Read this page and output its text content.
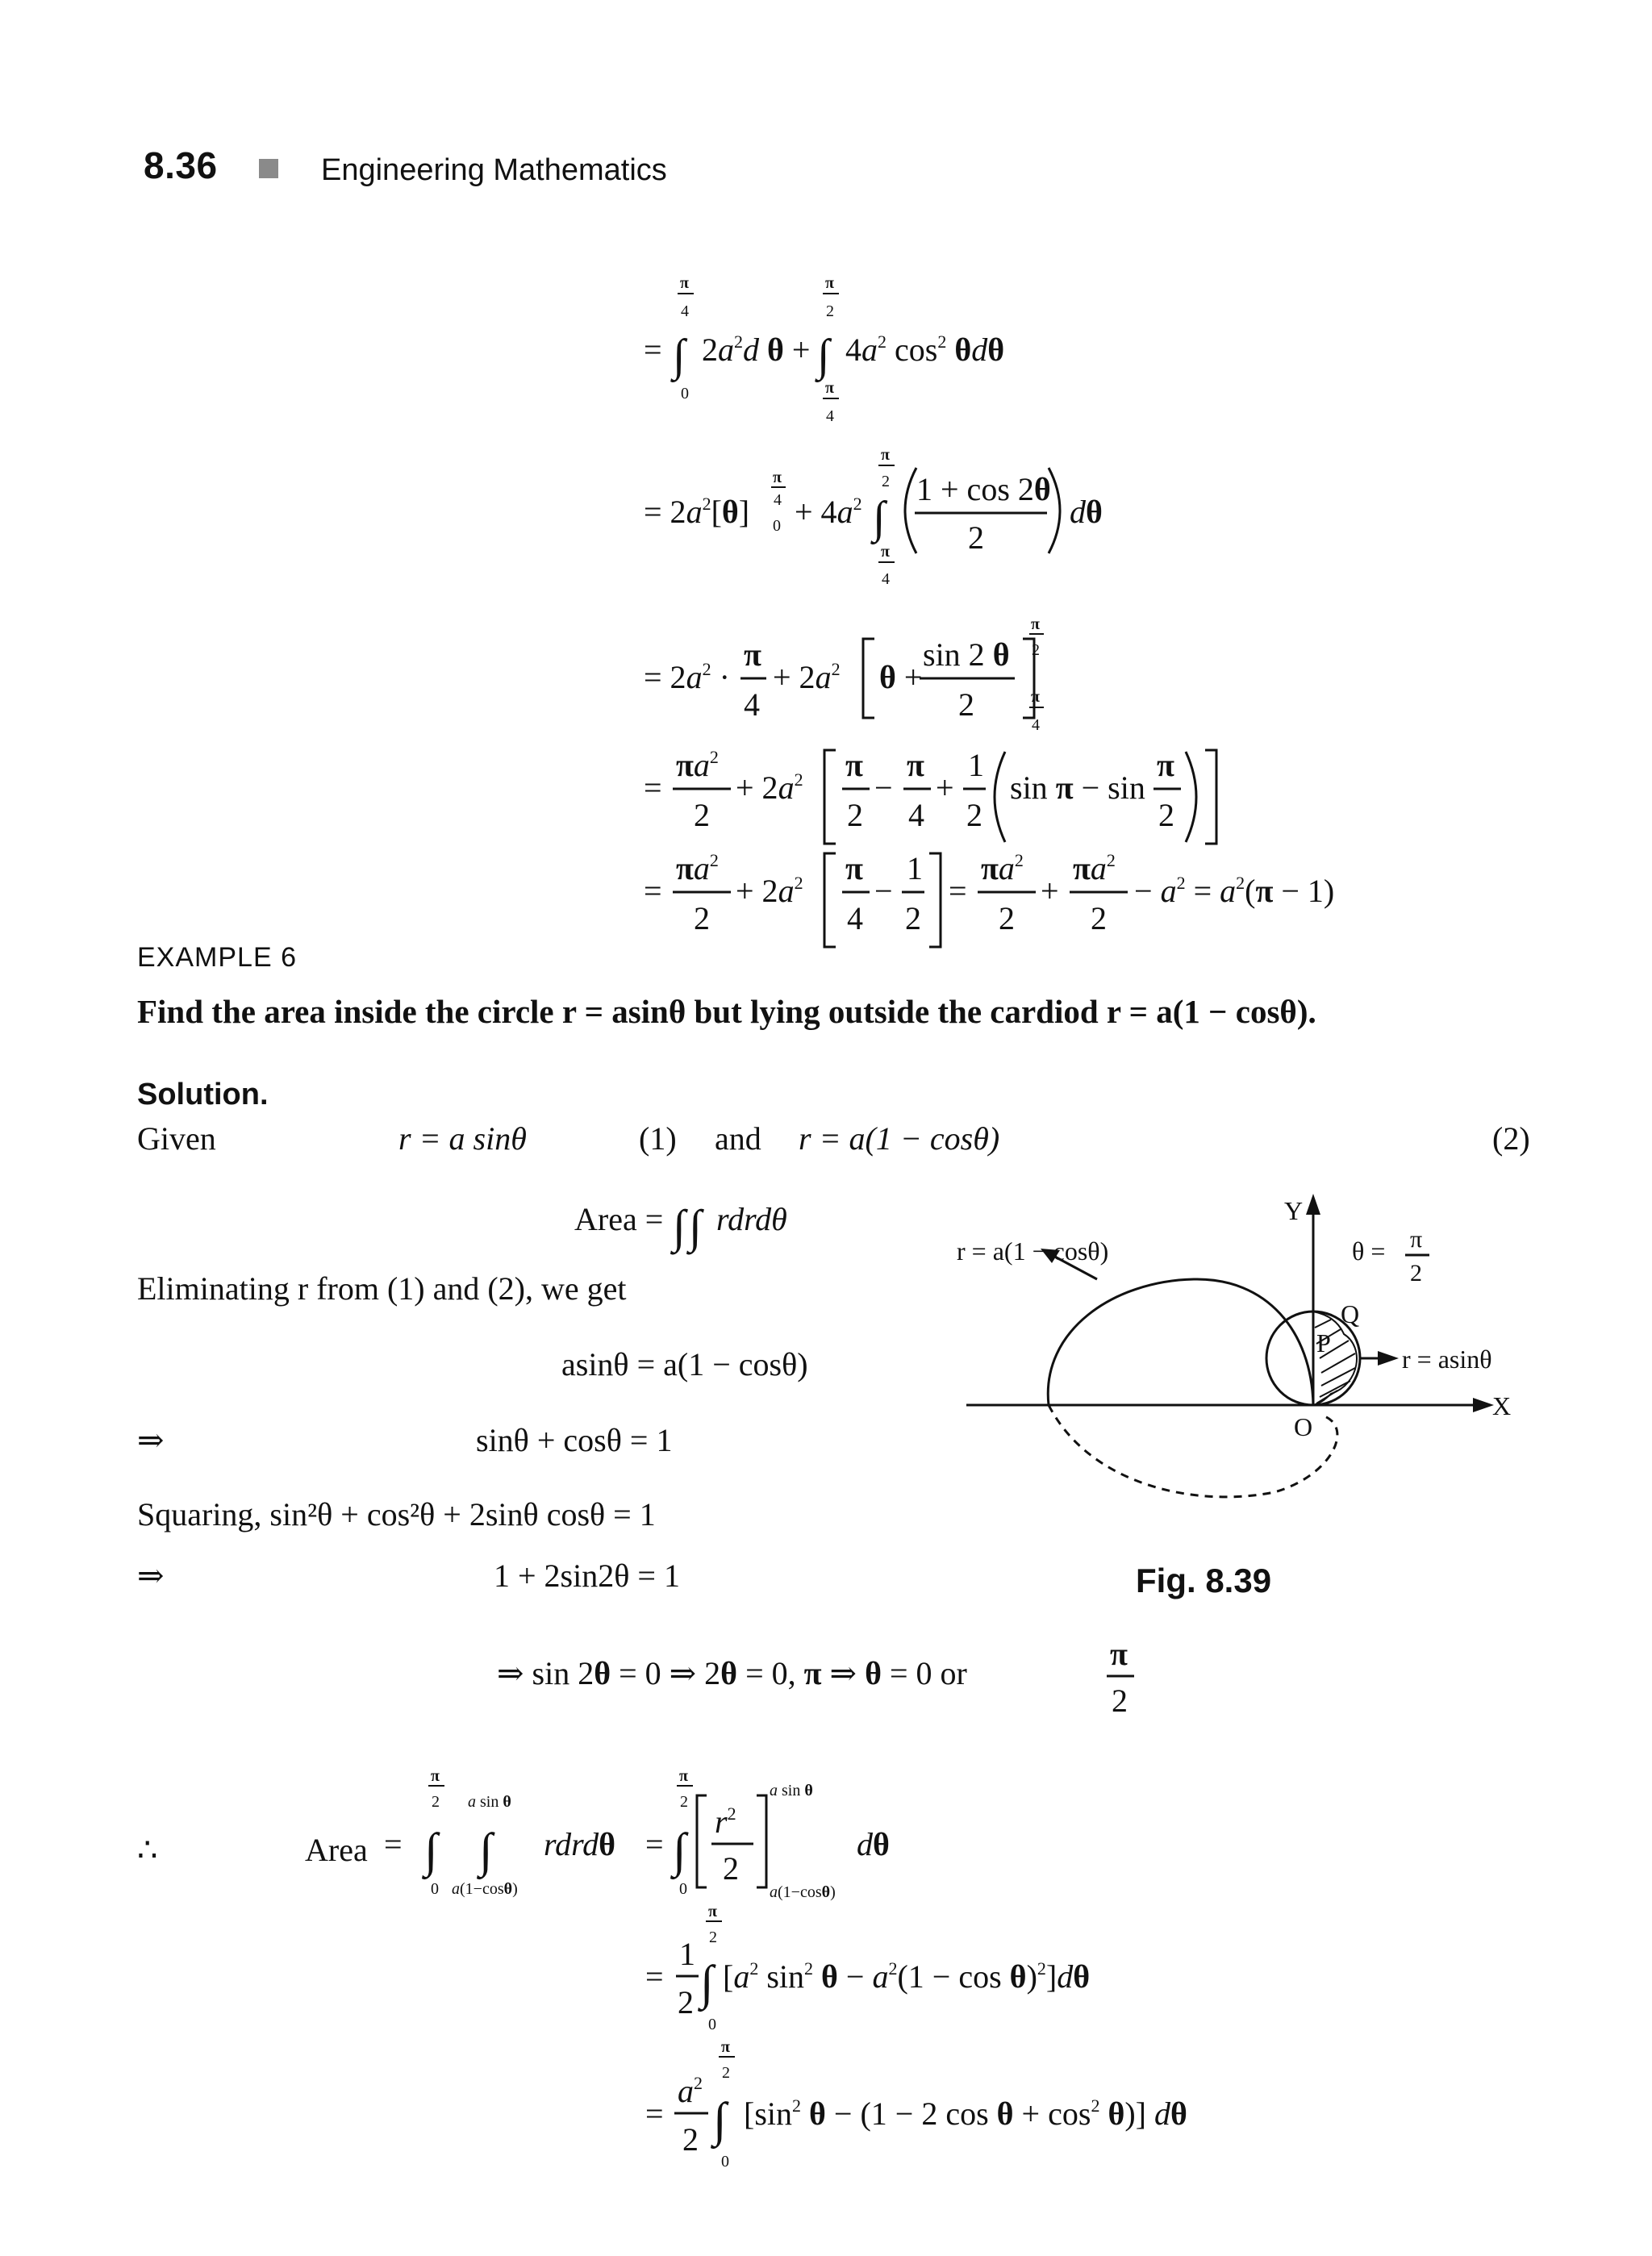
8.36	Engineering Mathematics
=
π
4
∫
0
$2a^2d$ θ +
π
2
∫
π
4
$4a^2$ $\cos^2 \theta d\theta$
= $2a^2[\theta]$
π
4
$0 + 4a^2$
π
2
∫
π
4
1 + cos 2θ
2
dθ
= $2a^2$ ·
π
4
+ $2a^2$ θ +
sin 2 θ
2
π
2
π
4
=
$\pi a^2$
2
+ $2a^2$ π
2
−
π
4
+
1
2
sin π − sin
π
2
=
$\pi a^2$
2
+ $2a^2$ π
4
−
1
2
=
$\pi a^2$
2
+
$\pi a^2$
2
− $a^2 = a^2(\pi - 1)$
EXAMPLE 6
Find the area inside the circle r = asinθ but lying outside the cardiod r = a(1 − cosθ).
Solution.
Given	r = a sinθ	(1) and r = a(1 − cosθ)	(2)
Area = ∫ ∫ rdrdθ
Eliminating r from (1) and (2), we get
asinθ = a(1 − cosθ)
⇒	sinθ + cosθ = 1
Squaring, sin²θ + cos²θ + 2sinθ cosθ = 1
⇒	1 + 2sin2θ = 1
⇒ sin 2θ = 0 ⇒ 2θ = 0, π ⇒ θ = 0 or
π
2
r = a(1 − cosθ)
r = asinθ
Y
X
O
P
Q
θ = π
2
Fig. 8.39
∴	Area =
π
2
∫
0
a sin θ
∫
a(1−cosθ)
rdrdθ =
π
2
∫
0
$r^2$
2
a sin θ
a(1−cosθ)
dθ
=
1
2
π
2
∫
0
[$a^2$ $\sin^2 \theta - a^2(1 - \cos \theta)^2]d\theta$
=
$a^2$
2
π
2
∫
0
[$\sin^2$ θ − (1 − 2 $\cos \theta + \cos^2 \theta$)] dθ
